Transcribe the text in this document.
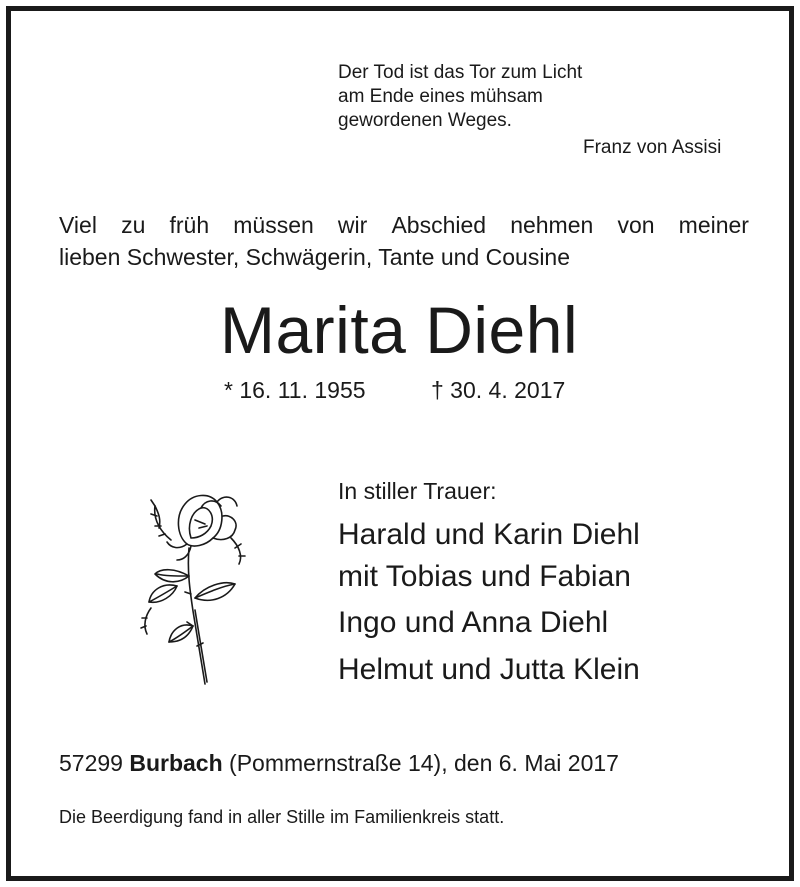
Der Tod ist das Tor zum Licht
am Ende eines mühsam
gewordenen Weges.
Franz von Assisi
Viel zu früh müssen wir Abschied nehmen von meiner
lieben Schwester, Schwägerin, Tante und Cousine
Marita Diehl
* 16. 11. 1955	† 30. 4. 2017
In stiller Trauer:
Harald und Karin Diehl
mit Tobias und Fabian
Ingo und Anna Diehl
Helmut und Jutta Klein
57299 Burbach (Pommernstraße 14), den 6. Mai 2017
Die Beerdigung fand in aller Stille im Familienkreis statt.
